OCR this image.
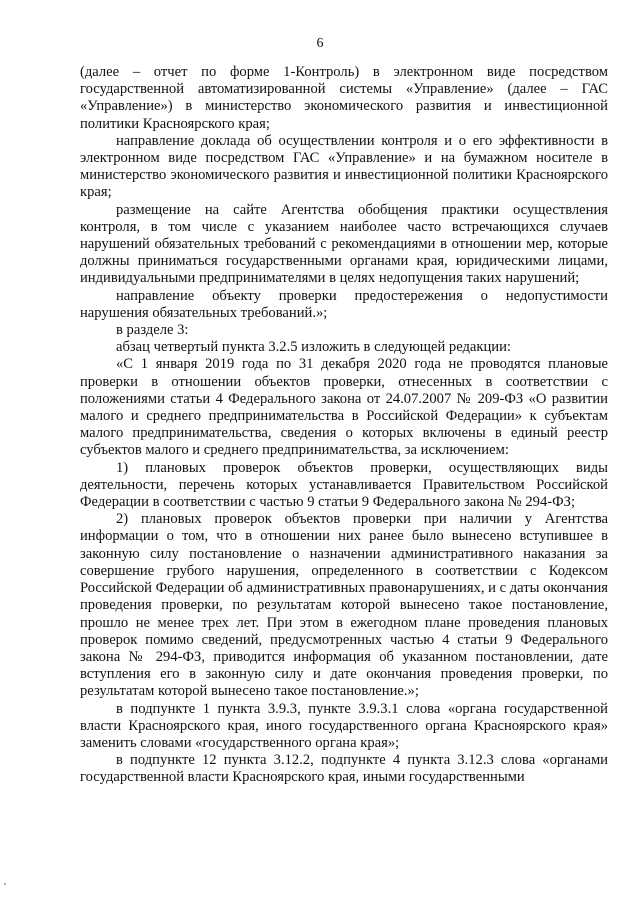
6

(далее – отчет по форме 1-Контроль) в электронном виде посредством государственной автоматизированной системы «Управление» (далее – ГАС «Управление») в министерство экономического развития и инвестиционной политики Красноярского края;

направление доклада об осуществлении контроля и о его эффективности в электронном виде посредством ГАС «Управление» и на бумажном носителе в министерство экономического развития и инвестиционной политики Красноярского края;

размещение на сайте Агентства обобщения практики осуществления контроля, в том числе с указанием наиболее часто встречающихся случаев нарушений обязательных требований с рекомендациями в отношении мер, которые должны приниматься государственными органами края, юридическими лицами, индивидуальными предпринимателями в целях недопущения таких нарушений;

направление объекту проверки предостережения о недопустимости нарушения обязательных требований.»;

в разделе 3:

абзац четвертый пункта 3.2.5 изложить в следующей редакции:

«С 1 января 2019 года по 31 декабря 2020 года не проводятся плановые проверки в отношении объектов проверки, отнесенных в соответствии с положениями статьи 4 Федерального закона от 24.07.2007 № 209-ФЗ «О развитии малого и среднего предпринимательства в Российской Федерации» к субъектам малого предпринимательства, сведения о которых включены в единый реестр субъектов малого и среднего предпринимательства, за исключением:

1) плановых проверок объектов проверки, осуществляющих виды деятельности, перечень которых устанавливается Правительством Российской Федерации в соответствии с частью 9 статьи 9 Федерального закона № 294-ФЗ;

2) плановых проверок объектов проверки при наличии у Агентства информации о том, что в отношении них ранее было вынесено вступившее в законную силу постановление о назначении административного наказания за совершение грубого нарушения, определенного в соответствии с Кодексом Российской Федерации об административных правонарушениях, и с даты окончания проведения проверки, по результатам которой вынесено такое постановление, прошло не менее трех лет. При этом в ежегодном плане проведения плановых проверок помимо сведений, предусмотренных частью 4 статьи 9 Федерального закона № 294-ФЗ, приводится информация об указанном постановлении, дате вступления его в законную силу и дате окончания проведения проверки, по результатам которой вынесено такое постановление.»;

в подпункте 1 пункта 3.9.3, пункте 3.9.3.1 слова «органа государственной власти Красноярского края, иного государственного органа Красноярского края» заменить словами «государственного органа края»;

в подпункте 12 пункта 3.12.2, подпункте 4 пункта 3.12.3 слова «органами государственной власти Красноярского края, иными государственными
